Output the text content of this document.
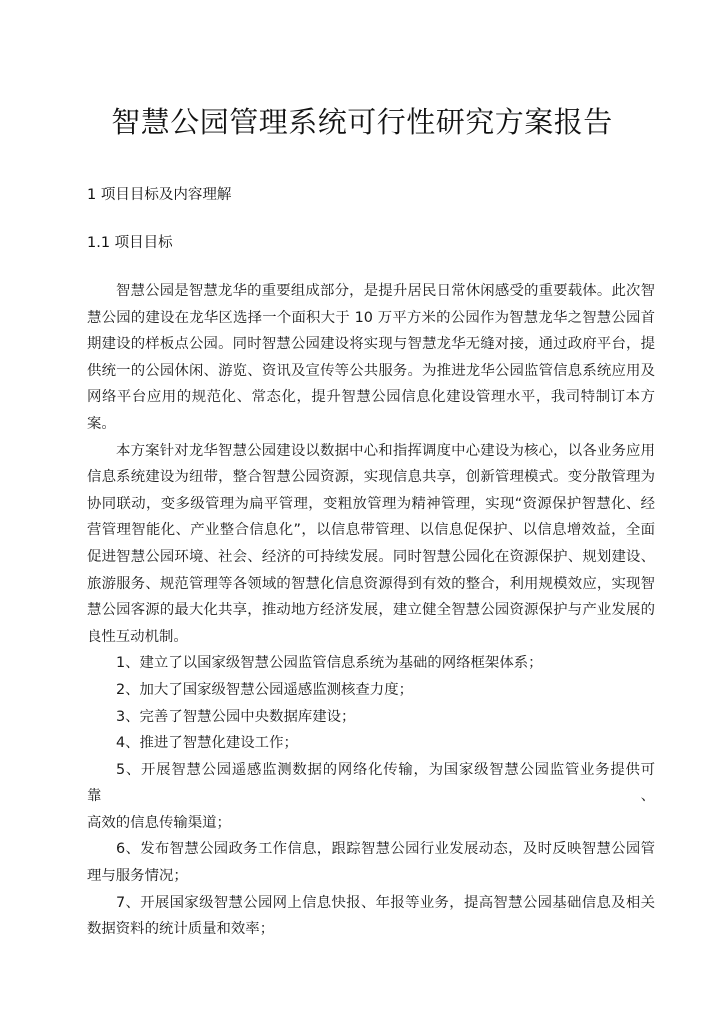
智慧公园管理系统可行性研究方案报告
1 项目目标及内容理解
1.1 项目目标

智慧公园是智慧龙华的重要组成部分，是提升居民日常休闲感受的重要载体。此次智

慧公园的建设在龙华区选择一个面积大于 10 万平方米的公园作为智慧龙华之智慧公园首

期建设的样板点公园。同时智慧公园建设将实现与智慧龙华无缝对接，通过政府平台，提

供统一的公园休闲、游览、资讯及宣传等公共服务。为推进龙华公园监管信息系统应用及

网络平台应用的规范化、常态化，提升智慧公园信息化建设管理水平，我司特制订本方案。

本方案针对龙华智慧公园建设以数据中心和指挥调度中心建设为核心，以各业务应用

信息系统建设为纽带，整合智慧公园资源，实现信息共享，创新管理模式。变分散管理为

协同联动，变多级管理为扁平管理，变粗放管理为精神管理，实现“资源保护智慧化、经

营管理智能化、产业整合信息化”，以信息带管理、以信息促保护、以信息增效益，全面

促进智慧公园环境、社会、经济的可持续发展。同时智慧公园化在资源保护、规划建设、

旅游服务、规范管理等各领域的智慧化信息资源得到有效的整合，利用规模效应，实现智

慧公园客源的最大化共享，推动地方经济发展，建立健全智慧公园资源保护与产业发展的

良性互动机制。

1、建立了以国家级智慧公园监管信息系统为基础的网络框架体系；

2、加大了国家级智慧公园遥感监测核查力度；

3、完善了智慧公园中央数据库建设；

4、推进了智慧化建设工作；

5、开展智慧公园遥感监测数据的网络化传输，为国家级智慧公园监管业务提供可靠、

高效的信息传输渠道；

6、发布智慧公园政务工作信息，跟踪智慧公园行业发展动态，及时反映智慧公园管

理与服务情况；

7、开展国家级智慧公园网上信息快报、年报等业务，提高智慧公园基础信息及相关

数据资料的统计质量和效率；
